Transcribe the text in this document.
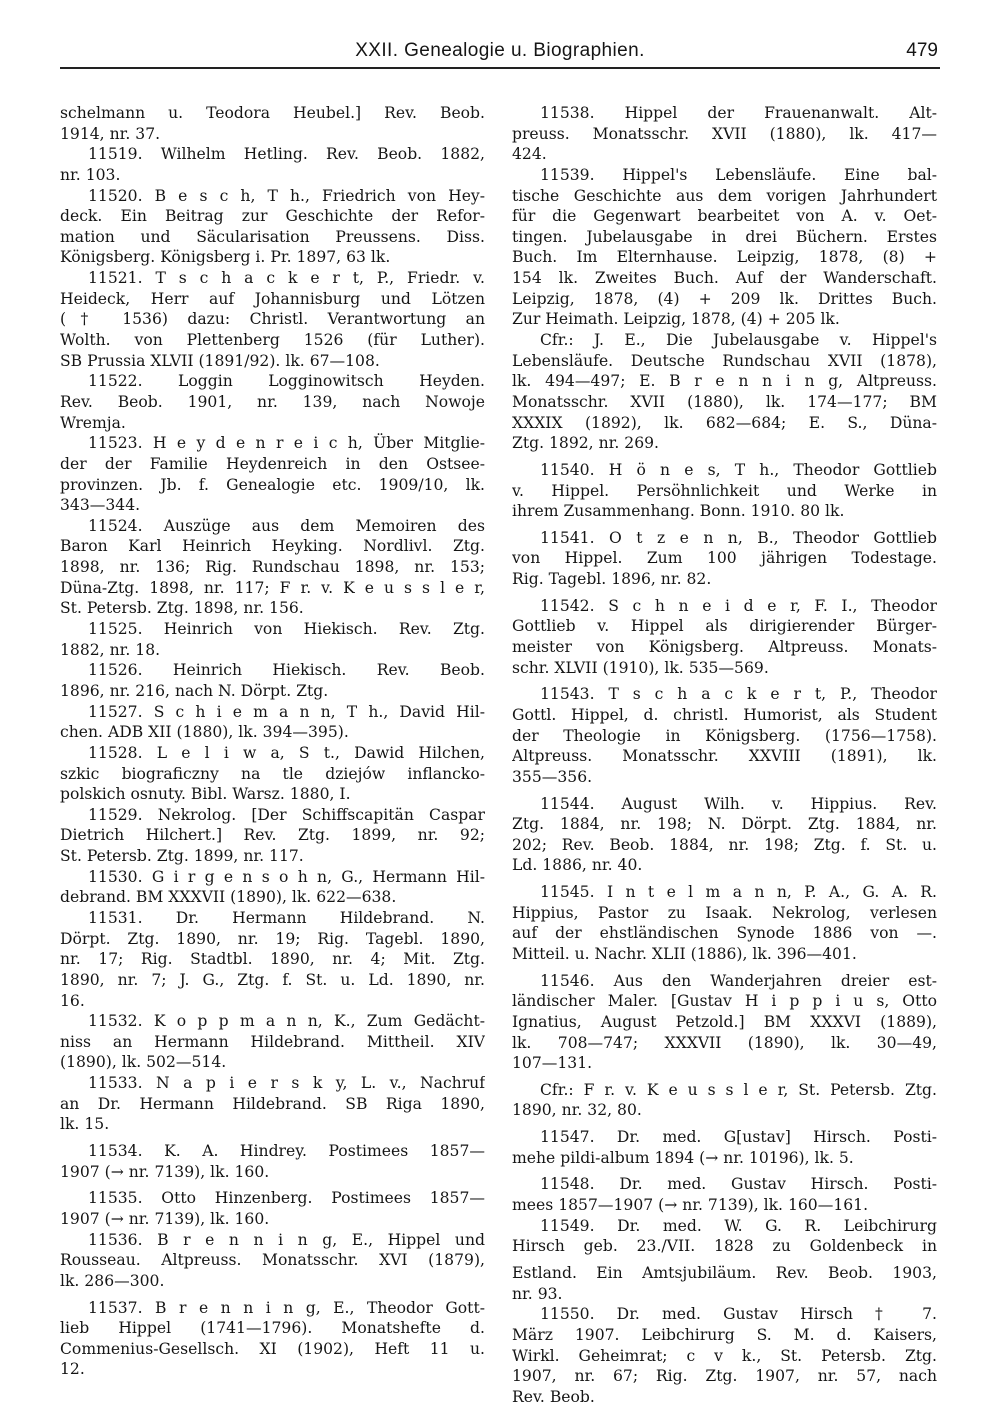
XXII. Genealogie u. Biographien.	479
schelmann u. Teodora Heubel.] Rev. Beob.
1914, nr. 37.
11519. Wilhelm Hetling. Rev. Beob. 1882,
nr. 103.
11520. B e s c h, T h., Friedrich von Hey-
deck. Ein Beitrag zur Geschichte der Refor-
mation und Säcularisation Preussens. Diss.
Königsberg. Königsberg i. Pr. 1897, 63 lk.
11521. T s c h a c k e r t, P., Friedr. v.
Heideck, Herr auf Johannisburg und Lötzen
(† 1536) dazu: Christl. Verantwortung an
Wolth. von Plettenberg 1526 (für Luther).
SB Prussia XLVII (1891/92). lk. 67—108.
11522. Loggin Logginowitsch Heyden.
Rev. Beob. 1901, nr. 139, nach Nowoje
Wremja.
11523. H e y d e n r e i c h, Über Mitglie-
der der Familie Heydenreich in den Ostsee-
provinzen. Jb. f. Genealogie etc. 1909/10, lk.
343—344.
11524. Auszüge aus dem Memoiren des
Baron Karl Heinrich Heyking. Nordlivl. Ztg.
1898, nr. 136; Rig. Rundschau 1898, nr. 153;
Düna-Ztg. 1898, nr. 117; F r. v. K e u s s l e r,
St. Petersb. Ztg. 1898, nr. 156.
11525. Heinrich von Hiekisch. Rev. Ztg.
1882, nr. 18.
11526. Heinrich Hiekisch. Rev. Beob.
1896, nr. 216, nach N. Dörpt. Ztg.
11527. S c h i e m a n n, T h., David Hil-
chen. ADB XII (1880), lk. 394—395).
11528. L e l i w a, S t., Dawid Hilchen,
szkic biograficzny na tle dziejów inflancko-
polskich osnuty. Bibl. Warsz. 1880, I.
11529. Nekrolog. [Der Schiffscapitän Caspar
Dietrich Hilchert.] Rev. Ztg. 1899, nr. 92;
St. Petersb. Ztg. 1899, nr. 117.
11530. G i r g e n s o h n, G., Hermann Hil-
debrand. BM XXXVII (1890), lk. 622—638.
11531. Dr. Hermann Hildebrand. N.
Dörpt. Ztg. 1890, nr. 19; Rig. Tagebl. 1890,
nr. 17; Rig. Stadtbl. 1890, nr. 4; Mit. Ztg.
1890, nr. 7; J. G., Ztg. f. St. u. Ld. 1890, nr.
16.
11532. K o p p m a n n, K., Zum Gedächt-
niss an Hermann Hildebrand. Mittheil. XIV
(1890), lk. 502—514.
11533. N a p i e r s k y, L. v., Nachruf
an Dr. Hermann Hildebrand. SB Riga 1890,
lk. 15.
11534. K. A. Hindrey. Postimees 1857—
1907 (→ nr. 7139), lk. 160.
11535. Otto Hinzenberg. Postimees 1857—
1907 (→ nr. 7139), lk. 160.
11536. B r e n n i n g, E., Hippel und
Rousseau. Altpreuss. Monatsschr. XVI (1879),
lk. 286—300.
11537. B r e n n i n g, E., Theodor Gott-
lieb Hippel (1741—1796). Monatshefte d.
Commenius-Gesellsch. XI (1902), Heft 11 u.
12.
11538. Hippel der Frauenanwalt. Alt-
preuss. Monatsschr. XVII (1880), lk. 417—
424.
11539. Hippel's Lebensläufe. Eine bal-
tische Geschichte aus dem vorigen Jahrhundert
für die Gegenwart bearbeitet von A. v. Oet-
tingen. Jubelausgabe in drei Büchern. Erstes
Buch. Im Elternhause. Leipzig, 1878, (8) +
154 lk. Zweites Buch. Auf der Wanderschaft.
Leipzig, 1878, (4) + 209 lk. Drittes Buch.
Zur Heimath. Leipzig, 1878, (4) + 205 lk.
Cfr.: J. E., Die Jubelausgabe v. Hippel's
Lebensläufe. Deutsche Rundschau XVII (1878),
lk. 494—497; E. B r e n n i n g, Altpreuss.
Monatsschr. XVII (1880), lk. 174—177; BM
XXXIX (1892), lk. 682—684; E. S., Düna-
Ztg. 1892, nr. 269.
11540. H ö n e s, T h., Theodor Gottlieb
v. Hippel. Persöhnlichkeit und Werke in
ihrem Zusammenhang. Bonn. 1910. 80 lk.
11541. O t z e n n, B., Theodor Gottlieb
von Hippel. Zum 100 jährigen Todestage.
Rig. Tagebl. 1896, nr. 82.
11542. S c h n e i d e r, F. I., Theodor
Gottlieb v. Hippel als dirigierender Bürger-
meister von Königsberg. Altpreuss. Monats-
schr. XLVII (1910), lk. 535—569.
11543. T s c h a c k e r t, P., Theodor
Gottl. Hippel, d. christl. Humorist, als Student
der Theologie in Königsberg. (1756—1758).
Altpreuss. Monatsschr. XXVIII (1891), lk.
355—356.
11544. August Wilh. v. Hippius. Rev.
Ztg. 1884, nr. 198; N. Dörpt. Ztg. 1884, nr.
202; Rev. Beob. 1884, nr. 198; Ztg. f. St. u.
Ld. 1886, nr. 40.
11545. I n t e l m a n n, P. A., G. A. R.
Hippius, Pastor zu Isaak. Nekrolog, verlesen
auf der ehstländischen Synode 1886 von —.
Mitteil. u. Nachr. XLII (1886), lk. 396—401.
11546. Aus den Wanderjahren dreier est-
ländischer Maler. [Gustav H i p p i u s, Otto
Ignatius, August Petzold.] BM XXXVI (1889),
lk. 708—747; XXXVII (1890), lk. 30—49,
107—131.
Cfr.: F r. v. K e u s s l e r, St. Petersb. Ztg.
1890, nr. 32, 80.
11547. Dr. med. G[ustav] Hirsch. Posti-
mehe pildi-album 1894 (→ nr. 10196), lk. 5.
11548. Dr. med. Gustav Hirsch. Posti-
mees 1857—1907 (→ nr. 7139), lk. 160—161.
11549. Dr. med. W. G. R. Leibchirurg
Hirsch geb. 23./VII. 1828 zu Goldenbeck in
Estland. Ein Amtsjubiläum. Rev. Beob. 1903,
nr. 93.
11550. Dr. med. Gustav Hirsch † 7.
März 1907. Leibchirurg S. M. d. Kaisers,
Wirkl. Geheimrat; c v k., St. Petersb. Ztg.
1907, nr. 67; Rig. Ztg. 1907, nr. 57, nach
Rev. Beob.
